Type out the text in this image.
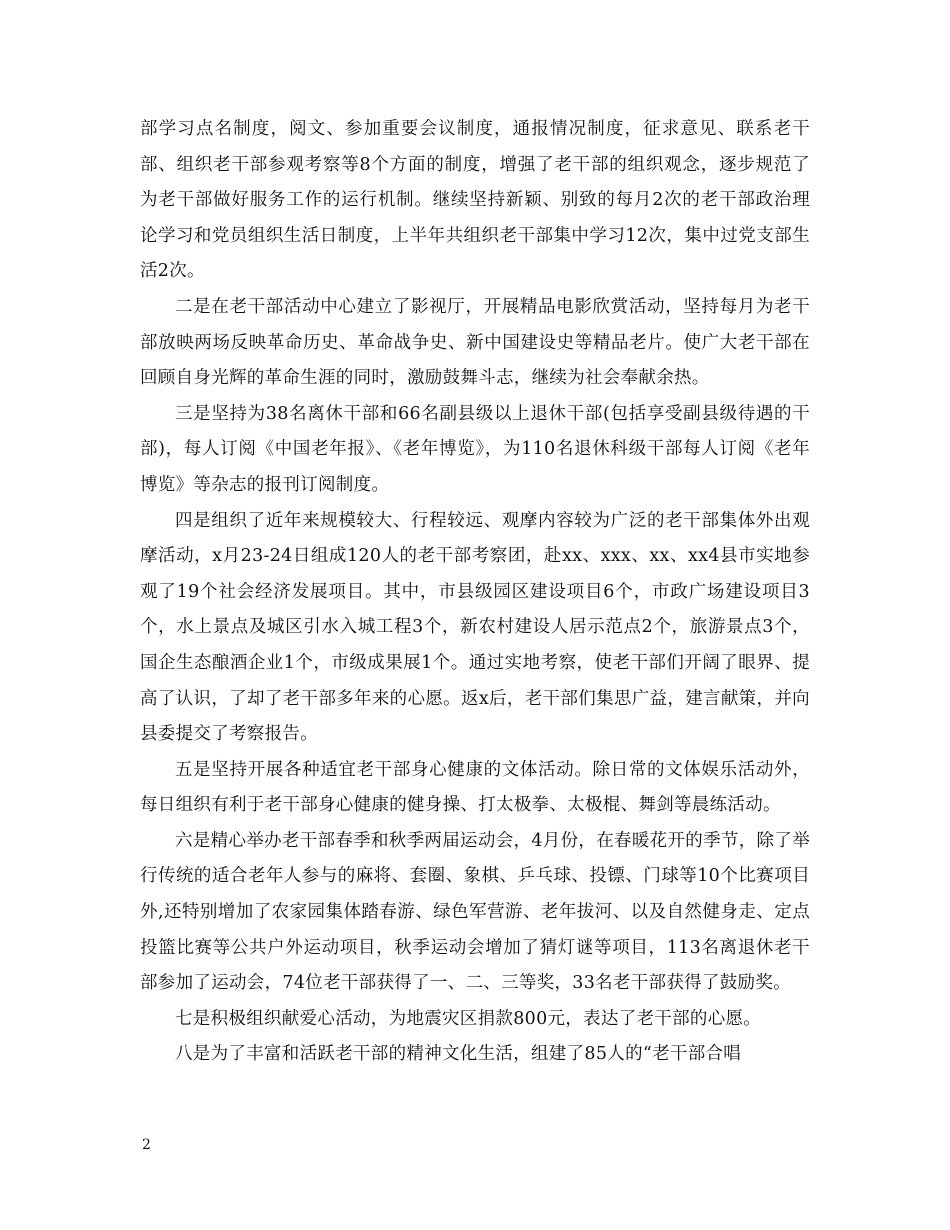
部学习点名制度，阅文、参加重要会议制度，通报情况制度，征求意见、联系老干部、组织老干部参观考察等8个方面的制度，增强了老干部的组织观念，逐步规范了为老干部做好服务工作的运行机制。继续坚持新颖、别致的每月2次的老干部政治理论学习和党员组织生活日制度，上半年共组织老干部集中学习12次，集中过党支部生活2次。

二是在老干部活动中心建立了影视厅，开展精品电影欣赏活动，坚持每月为老干部放映两场反映革命历史、革命战争史、新中国建设史等精品老片。使广大老干部在回顾自身光辉的革命生涯的同时，激励鼓舞斗志，继续为社会奉献余热。

三是坚持为38名离休干部和66名副县级以上退休干部(包括享受副县级待遇的干部)，每人订阅《中国老年报》、《老年博览》，为110名退休科级干部每人订阅《老年博览》等杂志的报刊订阅制度。

四是组织了近年来规模较大、行程较远、观摩内容较为广泛的老干部集体外出观摩活动，x月23-24日组成120人的老干部考察团，赴xx、xxx、xx、xx4县市实地参观了19个社会经济发展项目。其中，市县级园区建设项目6个，市政广场建设项目3个，水上景点及城区引水入城工程3个，新农村建设人居示范点2个，旅游景点3个，国企生态酿酒企业1个，市级成果展1个。通过实地考察，使老干部们开阔了眼界、提高了认识，了却了老干部多年来的心愿。返x后，老干部们集思广益，建言献策，并向县委提交了考察报告。

五是坚持开展各种适宜老干部身心健康的文体活动。除日常的文体娱乐活动外，每日组织有利于老干部身心健康的健身操、打太极拳、太极棍、舞剑等晨练活动。

六是精心举办老干部春季和秋季两届运动会，4月份，在春暖花开的季节，除了举行传统的适合老年人参与的麻将、套圈、象棋、乒乓球、投镖、门球等10个比赛项目外,还特别增加了农家园集体踏春游、绿色军营游、老年拔河、以及自然健身走、定点投篮比赛等公共户外运动项目，秋季运动会增加了猜灯谜等项目，113名离退休老干部参加了运动会，74位老干部获得了一、二、三等奖，33名老干部获得了鼓励奖。

七是积极组织献爱心活动，为地震灾区捐款800元，表达了老干部的心愿。

八是为了丰富和活跃老干部的精神文化生活，组建了85人的“老干部合唱

2
